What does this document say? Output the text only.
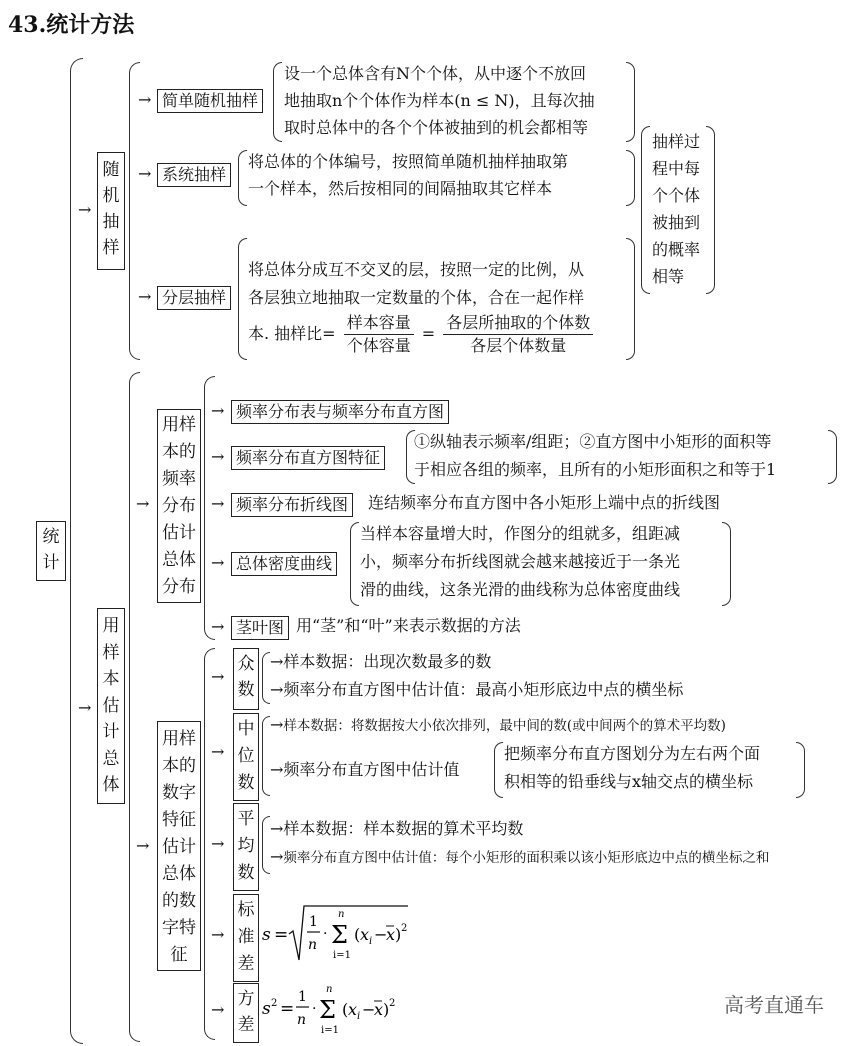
43.统计方法
统计
→
→
随机抽样
→ 简单随机抽样
设一个总体含有N个个体，从中逐个不放回
地抽取n个个体作为样本(n ≤ N)，且每次抽
取时总体中的各个个体被抽到的机会都相等
→ 系统抽样
将总体的个体编号，按照简单随机抽样抽取第
一个样本，然后按相同的间隔抽取其它样本
→ 分层抽样
将总体分成互不交叉的层，按照一定的比例，从
各层独立地抽取一定数量的个体，合在一起作样
本. 抽样比= $\frac{\text{样本容量}}{\text{个体容量}} = \frac{\text{各层所抽取的个体数}}{\text{各层个体数量}}$
抽样过
程中每
个个体
被抽到
的概率
相等
用样本估计总体
→
→
用样本的频率分布估计总体分布
→ 频率分布表与频率分布直方图
→ 频率分布直方图特征
①纵轴表示频率/组距；②直方图中小矩形的面积等
于相应各组的频率，且所有的小矩形面积之和等于1
→ 频率分布折线图	连结频率分布直方图中各小矩形上端中点的折线图
→ 总体密度曲线
当样本容量增大时，作图分的组就多，组距减
小，频率分布折线图就会越来越接近于一条光
滑的曲线，这条光滑的曲线称为总体密度曲线
→ 茎叶图 用“茎”和“叶”来表示数据的方法
用样本的数字特征估计总体的数字特征
→
众数
→样本数据：出现次数最多的数
→频率分布直方图中估计值：最高小矩形底边中点的横坐标
→
中位数
→样本数据：将数据按大小依次排列，最中间的数(或中间两个的算术平均数)
→频率分布直方图中估计值
把频率分布直方图划分为左右两个面
积相等的铅垂线与x轴交点的横坐标
→
平均数
→样本数据：样本数据的算术平均数
→频率分布直方图中估计值：每个小矩形的面积乘以该小矩形底边中点的横坐标之和
→
标准差
s =
1
n
·
n
Σ
i=1
( x i −
x ) 2
→
方差
s 2 =
1
n
·
n
Σ
i=1
( x i −
x ) 2	高考直通车
